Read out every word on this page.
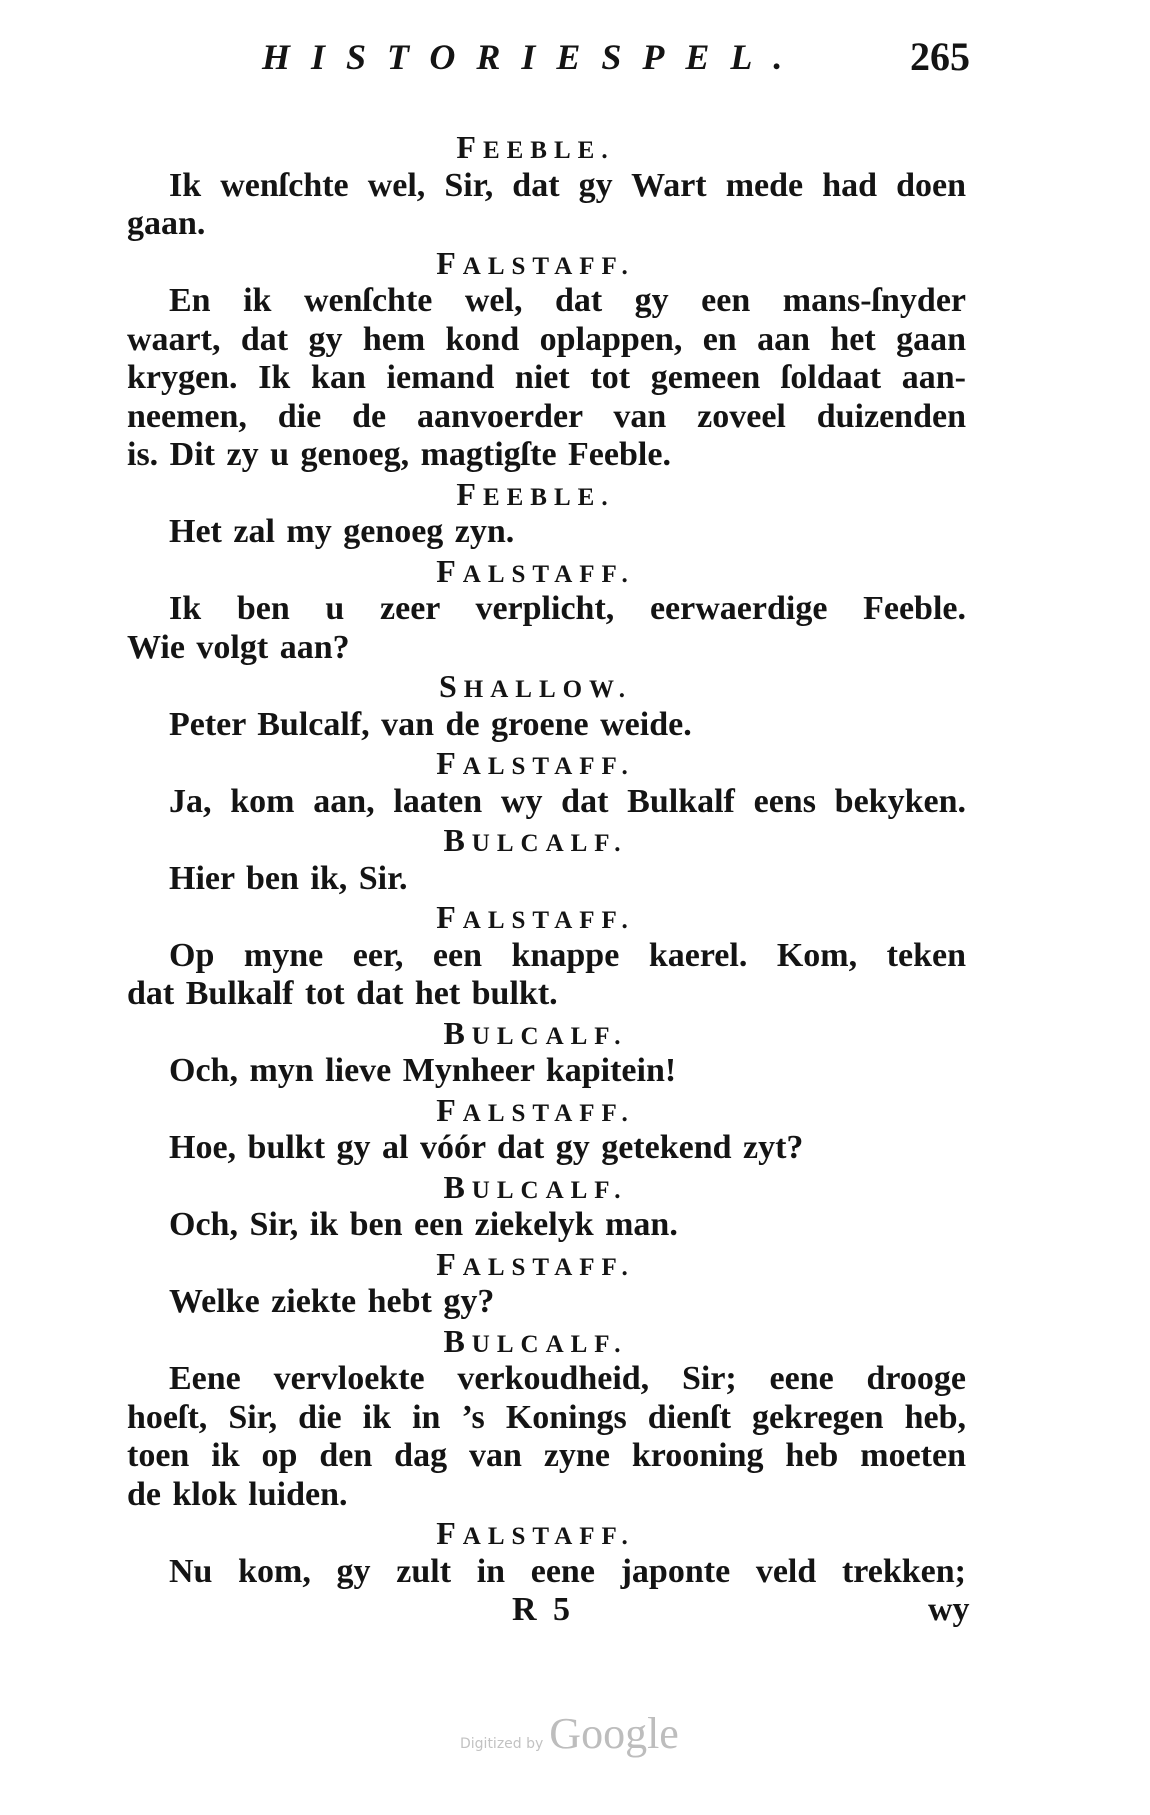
HISTORIESPEL.	265
FEEBLE.
Ik wenſchte wel, Sir, dat gy Wart mede had doen
gaan.
FALSTAFF.
En ik wenſchte wel, dat gy een mans-ſnyder
waart, dat gy hem kond oplappen, en aan het gaan
krygen. Ik kan iemand niet tot gemeen ſoldaat aan-
neemen, die de aanvoerder van zoveel duizenden
is. Dit zy u genoeg, magtigſte Feeble.
FEEBLE.
Het zal my genoeg zyn.
FALSTAFF.
Ik ben u zeer verplicht, eerwaerdige Feeble.
Wie volgt aan?
SHALLOW.
Peter Bulcalf, van de groene weide.
FALSTAFF.
Ja, kom aan, laaten wy dat Bulkalf eens bekyken.
BULCALF.
Hier ben ik, Sir.
FALSTAFF.
Op myne eer, een knappe kaerel. Kom, teken
dat Bulkalf tot dat het bulkt.
BULCALF.
Och, myn lieve Mynheer kapitein!
FALSTAFF.
Hoe, bulkt gy al vóór dat gy getekend zyt?
BULCALF.
Och, Sir, ik ben een ziekelyk man.
FALSTAFF.
Welke ziekte hebt gy?
BULCALF.
Eene vervloekte verkoudheid, Sir; eene drooge
hoeſt, Sir, die ik in ’s Konings dienſt gekregen heb,
toen ik op den dag van zyne krooning heb moeten
de klok luiden.
FALSTAFF.
Nu kom, gy zult in eene japonte veld trekken;
R 5	wy
Digitized by Google
